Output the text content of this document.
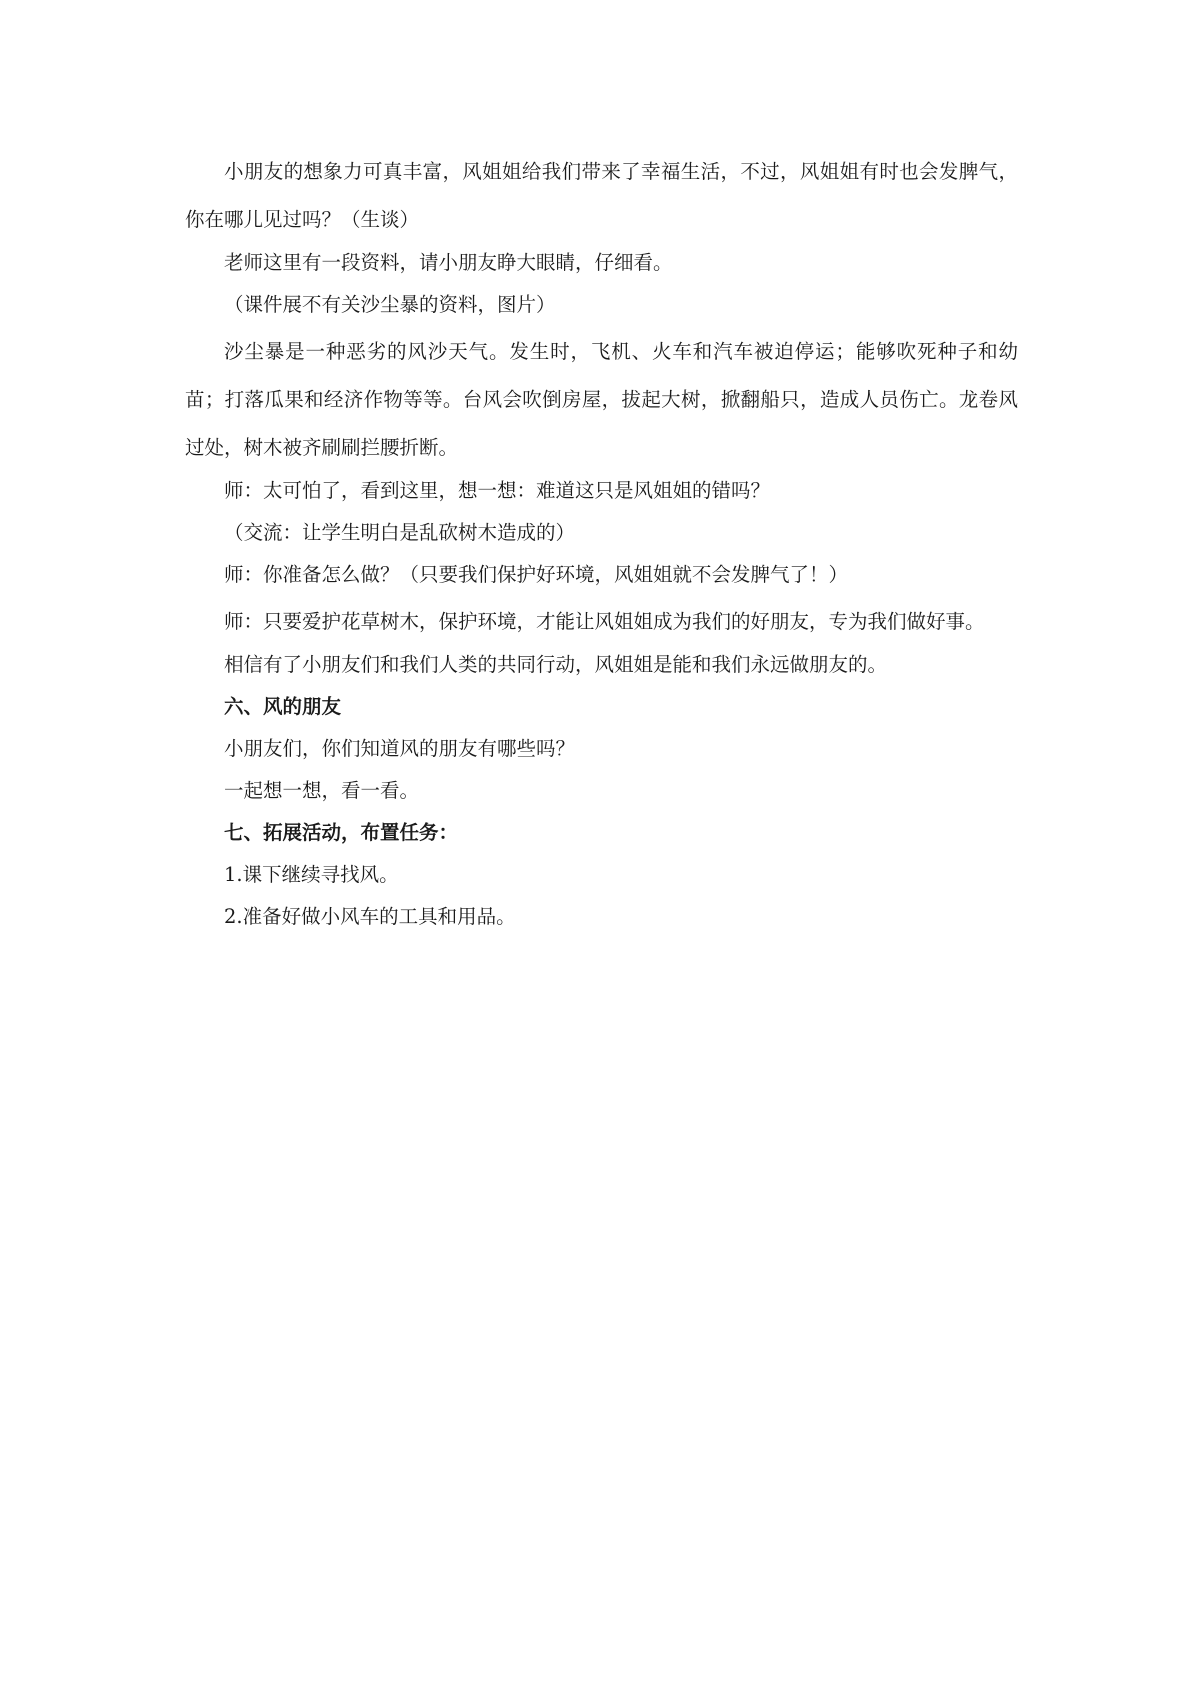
小朋友的想象力可真丰富，风姐姐给我们带来了幸福生活，不过，风姐姐有时也会发脾气，你在哪儿见过吗？（生谈）

老师这里有一段资料，请小朋友睁大眼睛，仔细看。

（课件展不有关沙尘暴的资料，图片）

沙尘暴是一种恶劣的风沙天气。发生时，飞机、火车和汽车被迫停运；能够吹死种子和幼苗；打落瓜果和经济作物等等。台风会吹倒房屋，拔起大树，掀翻船只，造成人员伤亡。龙卷风过处，树木被齐刷刷拦腰折断。

师：太可怕了，看到这里，想一想：难道这只是风姐姐的错吗？

（交流：让学生明白是乱砍树木造成的）

师：你准备怎么做？（只要我们保护好环境，风姐姐就不会发脾气了！）

师：只要爱护花草树木，保护环境，才能让风姐姐成为我们的好朋友，专为我们做好事。

相信有了小朋友们和我们人类的共同行动，风姐姐是能和我们永远做朋友的。

六、风的朋友

小朋友们，你们知道风的朋友有哪些吗？

一起想一想，看一看。

七、拓展活动，布置任务：

1.课下继续寻找风。

2.准备好做小风车的工具和用品。
